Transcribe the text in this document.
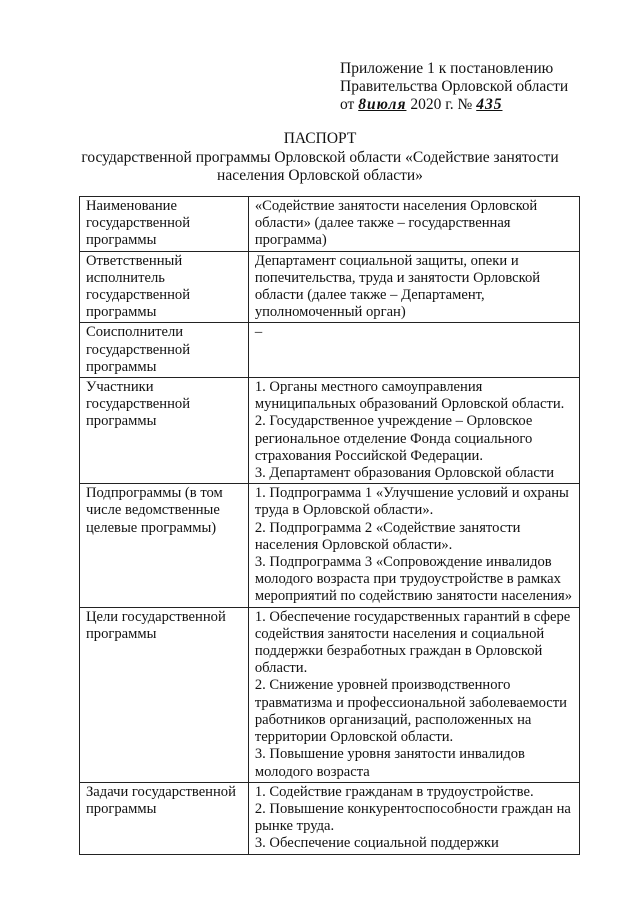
Приложение 1 к постановлению
Правительства Орловской области
от 8июля 2020 г. № 435
ПАСПОРТ
государственной программы Орловской области «Содействие занятости населения Орловской области»
Наименование государственной программы	«Содействие занятости населения Орловской области» (далее также – государственная программа)

Ответственный исполнитель государственной программы	Департамент социальной защиты, опеки и попечительства, труда и занятости Орловской области (далее также – Департамент, уполномоченный орган)

Соисполнители государственной программы	–

Участники государственной программы	1. Органы местного самоуправления муниципальных образований Орловской области.
2. Государственное учреждение – Орловское региональное отделение Фонда социального страхования Российской Федерации.
3. Департамент образования Орловской области

Подпрограммы (в том числе ведомственные целевые программы)	1. Подпрограмма 1 «Улучшение условий и охраны труда в Орловской области».
2. Подпрограмма 2 «Содействие занятости населения Орловской области».
3. Подпрограмма 3 «Сопровождение инвалидов молодого возраста при трудоустройстве в рамках мероприятий по содействию занятости населения»

Цели государственной программы	1. Обеспечение государственных гарантий в сфере содействия занятости населения и социальной поддержки безработных граждан в Орловской области.
2. Снижение уровней производственного травматизма и профессиональной заболеваемости работников организаций, расположенных на территории Орловской области.
3. Повышение уровня занятости инвалидов молодого возраста

Задачи государственной программы	1. Содействие гражданам в трудоустройстве.
2. Повышение конкурентоспособности граждан на рынке труда.
3. Обеспечение социальной поддержки
